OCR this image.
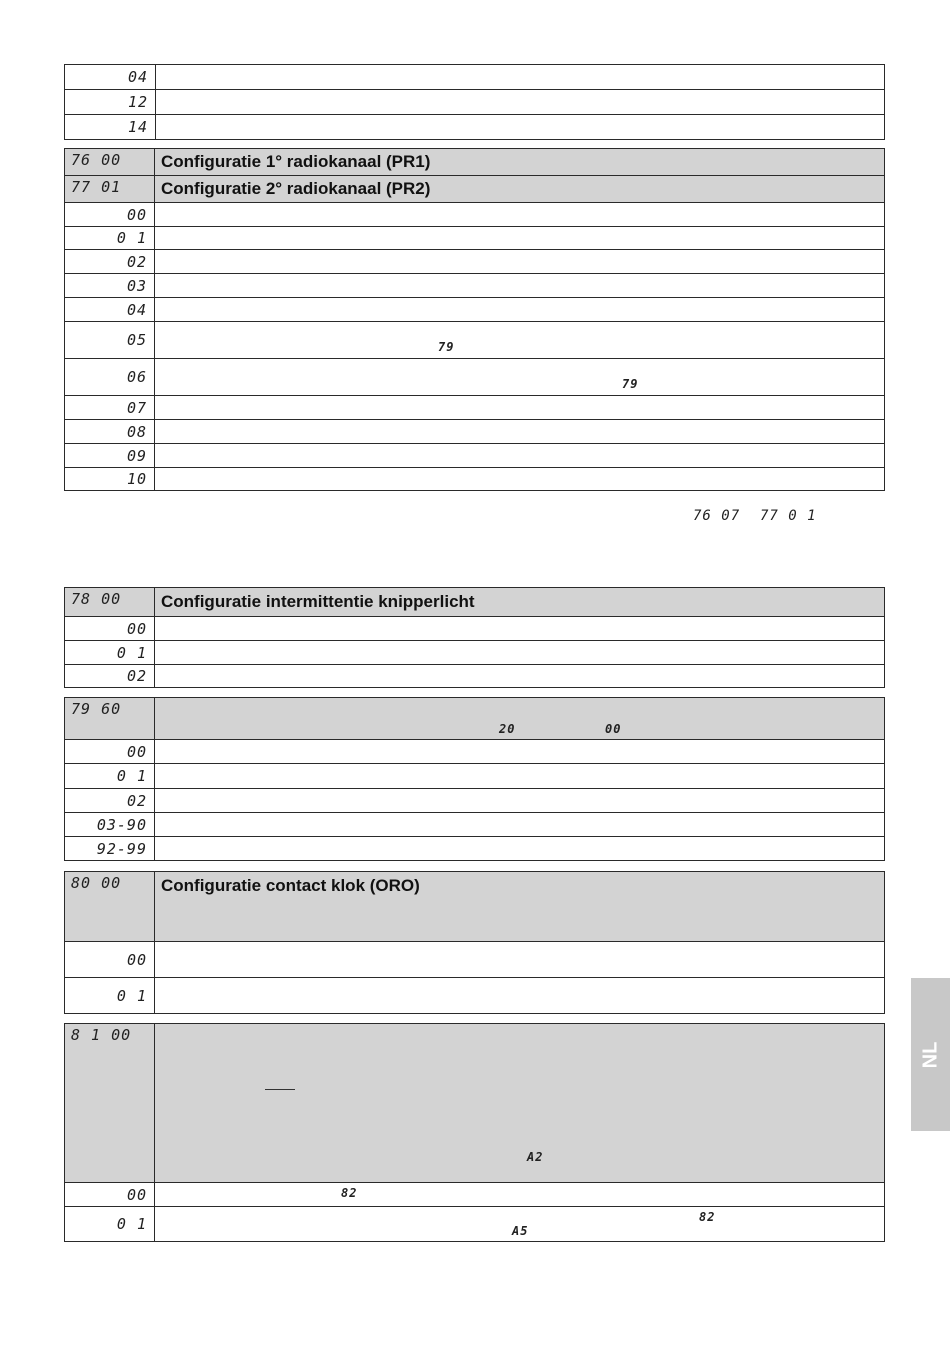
04	
12	
14	
76 00	Configuratie 1° radiokanaal (PR1)
77 01	Configuratie 2° radiokanaal (PR2)
00	
0 1	
02	
03	
04	
05	79

06	79

07	
08	
09	
10	
76 07 77 0 1
78 00	Configuratie intermittentie knipperlicht
00	
0 1	
02	
79 60	20 00

00	
0 1	
02	
03-90	
92-99	
80 00	Configuratie contact klok (ORO)
00	
0 1	
8 1 00	A2

00	82

0 1	82
A5
NL
